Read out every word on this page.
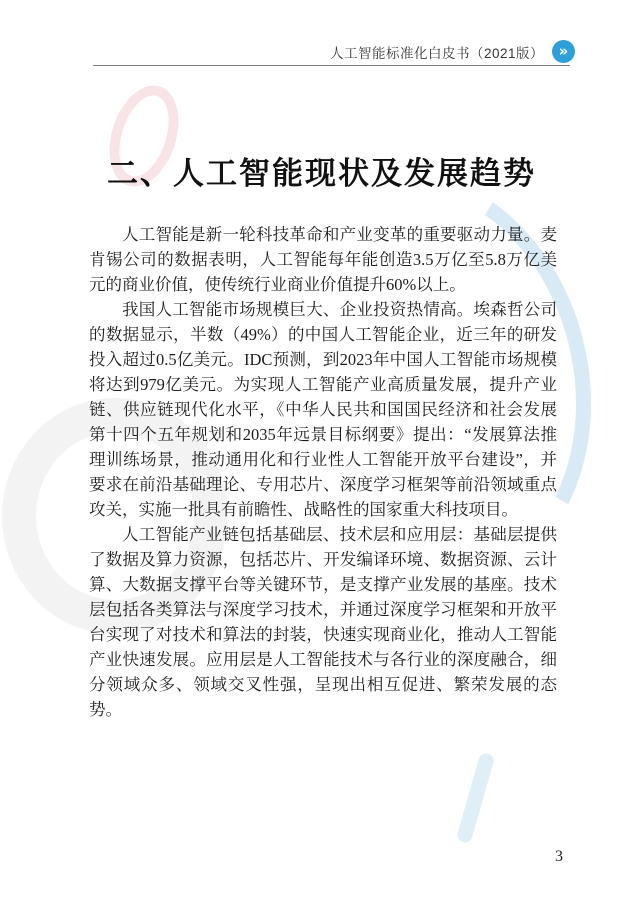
人工智能标准化白皮书（2021版） »
二、人工智能现状及发展趋势

人工智能是新一轮科技革命和产业变革的重要驱动力量。麦肯锡公司的数据表明，人工智能每年能创造3.5万亿至5.8万亿美元的商业价值，使传统行业商业价值提升60%以上。

我国人工智能市场规模巨大、企业投资热情高。埃森哲公司的数据显示，半数（49%）的中国人工智能企业，近三年的研发投入超过0.5亿美元。IDC预测，到2023年中国人工智能市场规模将达到979亿美元。为实现人工智能产业高质量发展，提升产业链、供应链现代化水平，《中华人民共和国国民经济和社会发展第十四个五年规划和2035年远景目标纲要》提出：“发展算法推理训练场景，推动通用化和行业性人工智能开放平台建设”，并要求在前沿基础理论、专用芯片、深度学习框架等前沿领域重点攻关，实施一批具有前瞻性、战略性的国家重大科技项目。

人工智能产业链包括基础层、技术层和应用层：基础层提供了数据及算力资源，包括芯片、开发编译环境、数据资源、云计算、大数据支撑平台等关键环节，是支撑产业发展的基座。技术层包括各类算法与深度学习技术，并通过深度学习框架和开放平台实现了对技术和算法的封装，快速实现商业化，推动人工智能产业快速发展。应用层是人工智能技术与各行业的深度融合，细分领域众多、领域交叉性强，呈现出相互促进、繁荣发展的态势。

3
